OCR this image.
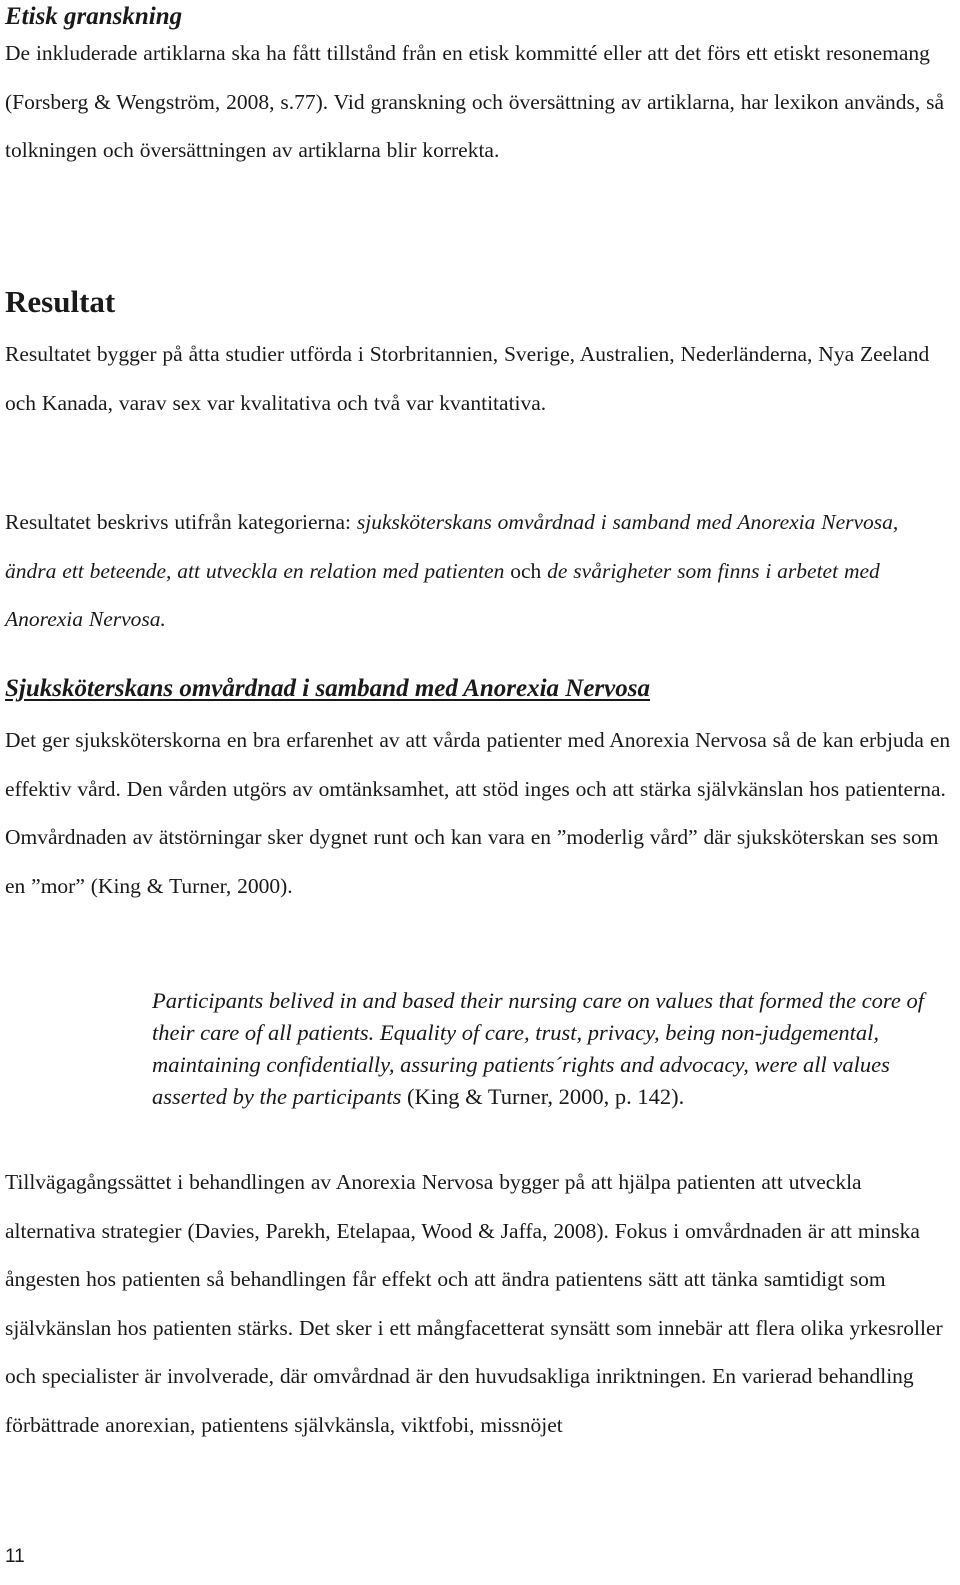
Etisk granskning

De inkluderade artiklarna ska ha fått tillstånd från en etisk kommitté eller att det förs ett etiskt resonemang (Forsberg & Wengström, 2008, s.77). Vid granskning och översättning av artiklarna, har lexikon används, så tolkningen och översättningen av artiklarna blir korrekta.

Resultat

Resultatet bygger på åtta studier utförda i Storbritannien, Sverige, Australien, Nederländerna, Nya Zeeland och Kanada, varav sex var kvalitativa och två var kvantitativa.

Resultatet beskrivs utifrån kategorierna: sjuksköterskans omvårdnad i samband med Anorexia Nervosa, ändra ett beteende, att utveckla en relation med patienten och de svårigheter som finns i arbetet med Anorexia Nervosa.

Sjuksköterskans omvårdnad i samband med Anorexia Nervosa

Det ger sjuksköterskorna en bra erfarenhet av att vårda patienter med Anorexia Nervosa så de kan erbjuda en effektiv vård. Den vården utgörs av omtänksamhet, att stöd inges och att stärka självkänslan hos patienterna. Omvårdnaden av ätstörningar sker dygnet runt och kan vara en ”moderlig vård” där sjuksköterskan ses som en ”mor” (King & Turner, 2000).

Participants belived in and based their nursing care on values that formed the core of their care of all patients. Equality of care, trust, privacy, being non-judgemental, maintaining confidentially, assuring patients´rights and advocacy, were all values asserted by the participants (King & Turner, 2000, p. 142).

Tillvägagångssättet i behandlingen av Anorexia Nervosa bygger på att hjälpa patienten att utveckla alternativa strategier (Davies, Parekh, Etelapaa, Wood & Jaffa, 2008). Fokus i omvårdnaden är att minska ångesten hos patienten så behandlingen får effekt och att ändra patientens sätt att tänka samtidigt som självkänslan hos patienten stärks. Det sker i ett mångfacetterat synsätt som innebär att flera olika yrkesroller och specialister är involverade, där omvårdnad är den huvudsakliga inriktningen. En varierad behandling förbättrade anorexian, patientens självkänsla, viktfobi, missnöjet

11
